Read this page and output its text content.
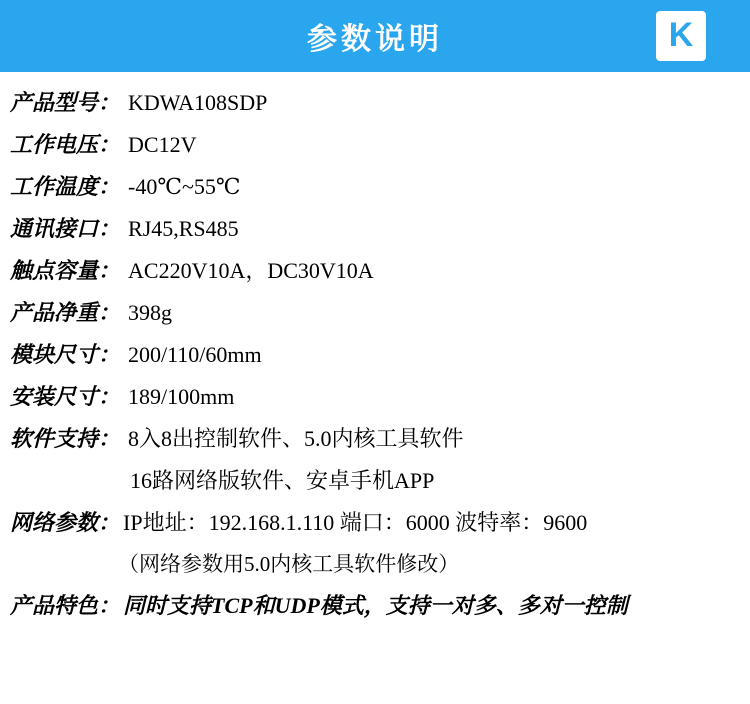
参数说明	K
产品型号： KDWA108SDP
工作电压： DC12V
工作温度： -40℃~55℃
通讯接口： RJ45,RS485
触点容量： AC220V10A，DC30V10A
产品净重： 398g
模块尺寸： 200/110/60mm
安装尺寸： 189/100mm
软件支持： 8入8出控制软件、5.0内核工具软件
16路网络版软件、安卓手机APP
网络参数： IP地址：192.168.1.110 端口：6000 波特率：9600
（网络参数用5.0内核工具软件修改）
产品特色： 同时支持TCP和UDP模式，支持一对多、多对一控制
